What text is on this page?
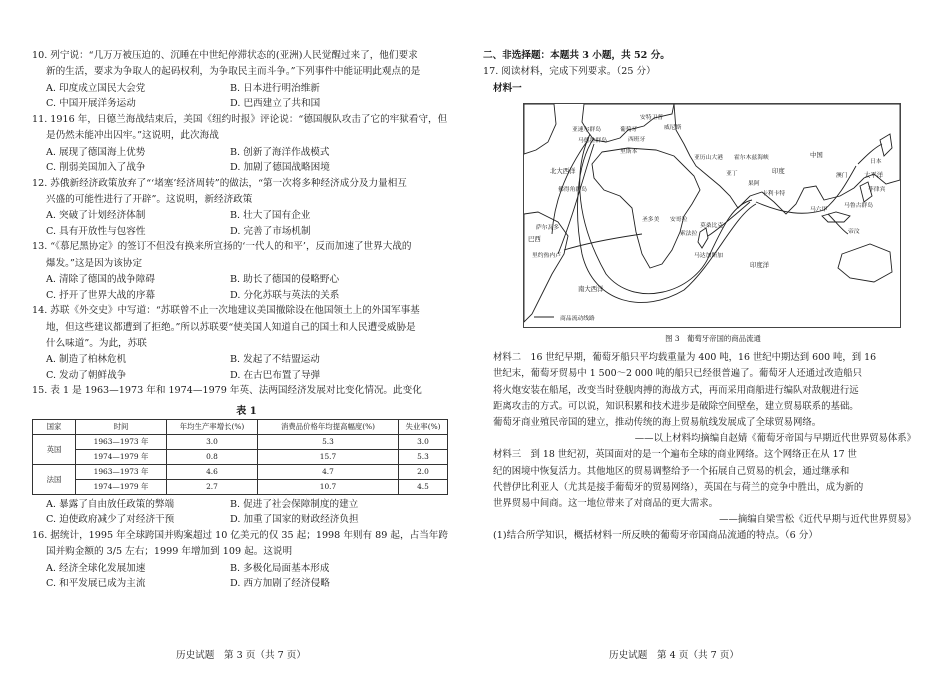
10. 列宁说：“几万万被压迫的、沉睡在中世纪停滞状态的(亚洲)人民觉醒过来了，他们要求

新的生活，要求为争取人的起码权利，为争取民主而斗争。”下列事件中能证明此观点的是

A. 印度成立国民大会党	B. 日本进行明治维新
C. 中国开展洋务运动	D. 巴西建立了共和国

11. 1916 年，日德兰海战结束后，美国《纽约时报》评论说：“德国舰队攻击了它的牢狱看守，但

是仍然未能冲出囚牢。”这说明，此次海战

A. 展现了德国海上优势	B. 创新了海洋作战模式
C. 削弱美国加入了战争	D. 加剧了德国战略困境

12. 苏俄新经济政策放弃了“‘堵塞’经济周转”的做法，“第一次将多种经济成分及力量相互

兴盛的可能性进行了开辟”。这说明，新经济政策

A. 突破了计划经济体制	B. 壮大了国有企业
C. 具有开放性与包容性	D. 完善了市场机制

13. “《慕尼黑协定》的签订不但没有换来所宣扬的‘一代人的和平’，反而加速了世界大战的

爆发。”这是因为该协定

A. 清除了德国的战争障碍	B. 助长了德国的侵略野心
C. 抒开了世界大战的序幕	D. 分化苏联与英法的关系

14. 苏联《外交史》中写道：“苏联曾不止一次地建议美国撤除设在他国领土上的外国军事基

地，但这些建议都遭到了拒绝。”所以苏联要“使美国人知道自己的国土和人民遭受威胁是

什么味道”。为此，苏联

A. 制造了柏林危机	B. 发起了不结盟运动
C. 发动了朝鲜战争	D. 在古巴布置了导弹

15. 表 1 是 1963—1973 年和 1974—1979 年英、法两国经济发展对比变化情况。此变化

表 1
国家	时间	年均生产率增长(%)	消费品价格年均提高幅度(%)	失业率(%)
英国	1963—1973 年	3.0	5.3	3.0
	1974—1979 年	0.8	15.7	5.3
法国	1963—1973 年	4.6	4.7	2.0
	1974—1979 年	2.7	10.7	4.5
A. 暴露了自由放任政策的弊端	B. 促进了社会保障制度的建立
C. 迫使政府减少了对经济干预	D. 加重了国家的财政经济负担

16. 据统计，1995 年全球跨国并购案超过 10 亿美元的仅 35 起；1998 年则有 89 起，占当年跨

国并购金额的 3/5 左右；1999 年增加到 109 起。这说明

A. 经济全球化发展加速	B. 多极化局面基本形成
C. 和平发展已成为主流	D. 西方加剧了经济侵略
历史试题　第 3 页（共 7 页）

二、非选择题：本题共 3 小题，共 52 分。

17. 阅读材料，完成下列要求。（25 分）

材料一

亚速尔群岛
马德拉群岛
葡萄牙
里斯本
安特卫普
威尼斯
西班牙
亚历山大港 霍尔木兹海峡
北大西洋
佛得角群岛
亚丁
果阿
卡利卡特
印度
中国
澳门
日本
太平洋
马六甲
马鲁古群岛
帝汶
菲律宾
圣多美 安哥拉
索法拉
莫桑比克
马达加斯加
巴西
萨尔瓦多
里约热内卢
南大西洋
印度洋
商品流动线路
图 3　葡萄牙帝国的商品流通

材料二　16 世纪早期，葡萄牙船只平均载重量为 400 吨，16 世纪中期达到 600 吨，到 16

世纪末，葡萄牙贸易中 1 500～2 000 吨的船只已经很普遍了。葡萄牙人还通过改造船只

将火炮安装在船尾，改变当时登舰肉搏的海战方式，再而采用商船进行编队对敌舰进行远

距离攻击的方式。可以说，知识积累和技术进步是破除空间壁垒，建立贸易联系的基础。

葡萄牙商业殖民帝国的建立，推动传统的海上贸易航线发展成了全球贸易网络。

——以上材料均摘编自赵婧《葡萄牙帝国与早期近代世界贸易体系》

材料三　到 18 世纪初，英国面对的是一个遍布全球的商业网络。这个网络正在从 17 世

纪的困境中恢复活力。其他地区的贸易调整给予一个拓展自己贸易的机会，通过继承和

代替伊比利亚人（尤其是接手葡萄牙的贸易网络），英国在与荷兰的竞争中胜出，成为新的

世界贸易中间商。这一地位带来了对商品的更大需求。

——摘编自梁雪松《近代早期与近代世界贸易》

(1)结合所学知识，概括材料一所反映的葡萄牙帝国商品流通的特点。（6 分）

历史试题　第 4 页（共 7 页）
